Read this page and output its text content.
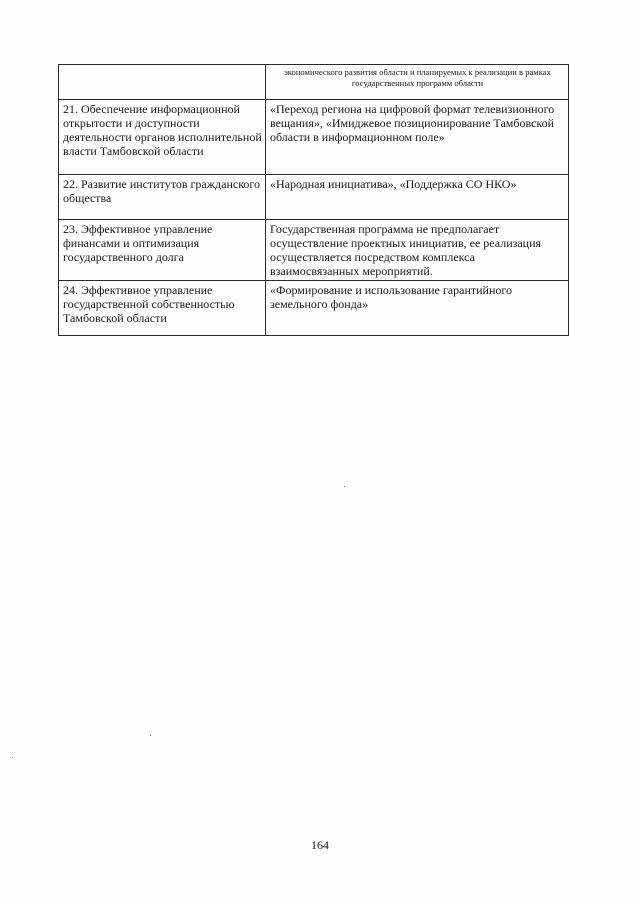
	экономического развития области и планируемых к реализации в рамках государственных программ области
21. Обеспечение информационной открытости и доступности деятельности органов исполнительной власти Тамбовской области	«Переход региона на цифровой формат телевизионного вещания», «Имиджевое позиционирование Тамбовской области в информационном поле»
22. Развитие институтов гражданского общества	«Народная инициатива», «Поддержка СО НКО»
23. Эффективное управление финансами и оптимизация государственного долга	Государственная программа не предполагает осуществление проектных инициатив, ее реализация осуществляется посредством комплекса взаимосвязанных мероприятий.
24. Эффективное управление государственной собственностью Тамбовской области	«Формирование и использование гарантийного земельного фонда»
164
